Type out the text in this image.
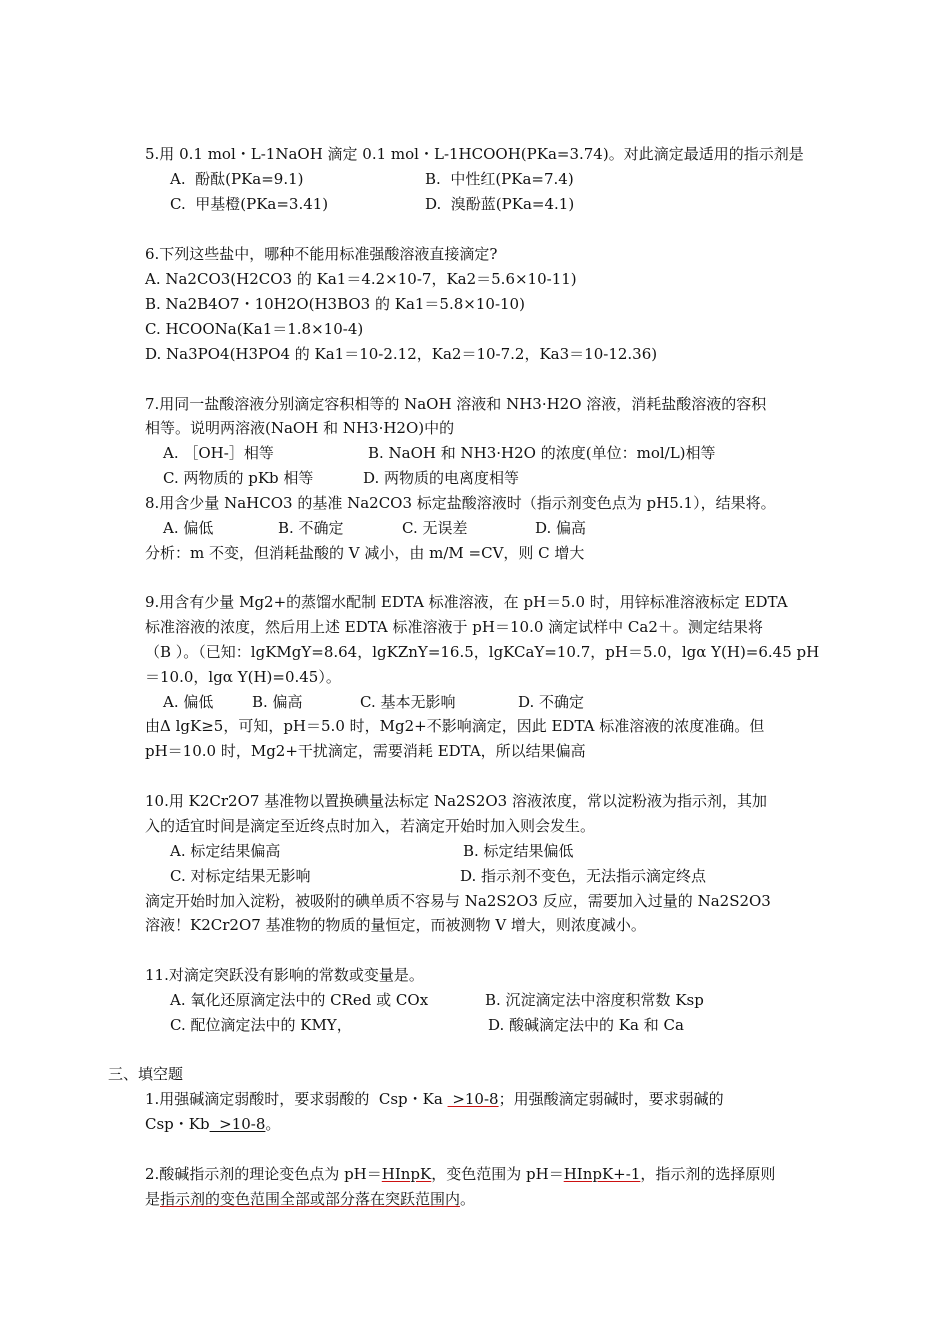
5.用 0.1 mol・L-1NaOH 滴定 0.1 mol・L-1HCOOH(PKa=3.74)。对此滴定最适用的指示剂是
A.  酚酞(PKa=9.1)	B.  中性红(PKa=7.4)
C.  甲基橙(PKa=3.41)	D.  溴酚蓝(PKa=4.1)
6.下列这些盐中，哪种不能用标准强酸溶液直接滴定?
A. Na2CO3(H2CO3 的 Ka1＝4.2×10-7，Ka2＝5.6×10-11)
B. Na2B4O7・10H2O(H3BO3 的 Ka1＝5.8×10-10)
C. HCOONa(Ka1＝1.8×10-4)
D. Na3PO4(H3PO4 的 Ka1＝10-2.12，Ka2＝10-7.2，Ka3＝10-12.36)
7.用同一盐酸溶液分别滴定容积相等的 NaOH 溶液和 NH3·H2O 溶液，消耗盐酸溶液的容积
相等。说明两溶液(NaOH 和 NH3·H2O)中的
A. ［OH-］相等	B. NaOH 和 NH3·H2O 的浓度(单位：mol/L)相等
C. 两物质的 pKb 相等	D. 两物质的电离度相等
8.用含少量 NaHCO3 的基准 Na2CO3 标定盐酸溶液时（指示剂变色点为 pH5.1），结果将。
A. 偏低	B. 不确定	C. 无误差	D. 偏高
分析：m 不变，但消耗盐酸的 V 减小，由 m/M =CV，则 C 增大
9.用含有少量 Mg2+的蒸馏水配制 EDTA 标准溶液，在 pH＝5.0 时，用锌标准溶液标定 EDTA
标准溶液的浓度，然后用上述 EDTA 标准溶液于 pH＝10.0 滴定试样中 Ca2＋。测定结果将
（B ）。（已知：lgKMgY=8.64，lgKZnY=16.5，lgKCaY=10.7，pH＝5.0，lgα Y(H)=6.45 pH
＝10.0，lgα Y(H)=0.45）。
A. 偏低	B. 偏高	C. 基本无影响	D. 不确定
由Δ lgK≥5，可知，pH＝5.0 时，Mg2+不影响滴定，因此 EDTA 标准溶液的浓度准确。但
pH＝10.0 时，Mg2+干扰滴定，需要消耗 EDTA，所以结果偏高
10.用 K2Cr2O7 基准物以置换碘量法标定 Na2S2O3 溶液浓度，常以淀粉液为指示剂，其加
入的适宜时间是滴定至近终点时加入，若滴定开始时加入则会发生。
A. 标定结果偏高	B. 标定结果偏低
C. 对标定结果无影响	D. 指示剂不变色，无法指示滴定终点
滴定开始时加入淀粉，被吸附的碘单质不容易与 Na2S2O3 反应，需要加入过量的 Na2S2O3
溶液！K2Cr2O7 基准物的物质的量恒定，而被测物 V 增大，则浓度减小。
11.对滴定突跃没有影响的常数或变量是。
A. 氧化还原滴定法中的 CRed 或 COx	B. 沉淀滴定法中溶度积常数 Ksp
C. 配位滴定法中的 KMY，	D. 酸碱滴定法中的 Ka 和 Ca
三、填空题
1.用强碱滴定弱酸时，要求弱酸的  Csp・Ka  >10-8；用强酸滴定弱碱时，要求弱碱的
Csp・Kb  >10-8。
2.酸碱指示剂的理论变色点为 pH＝HInpK，变色范围为 pH＝HInpK+-1，指示剂的选择原则
是指示剂的变色范围全部或部分落在突跃范围内。
